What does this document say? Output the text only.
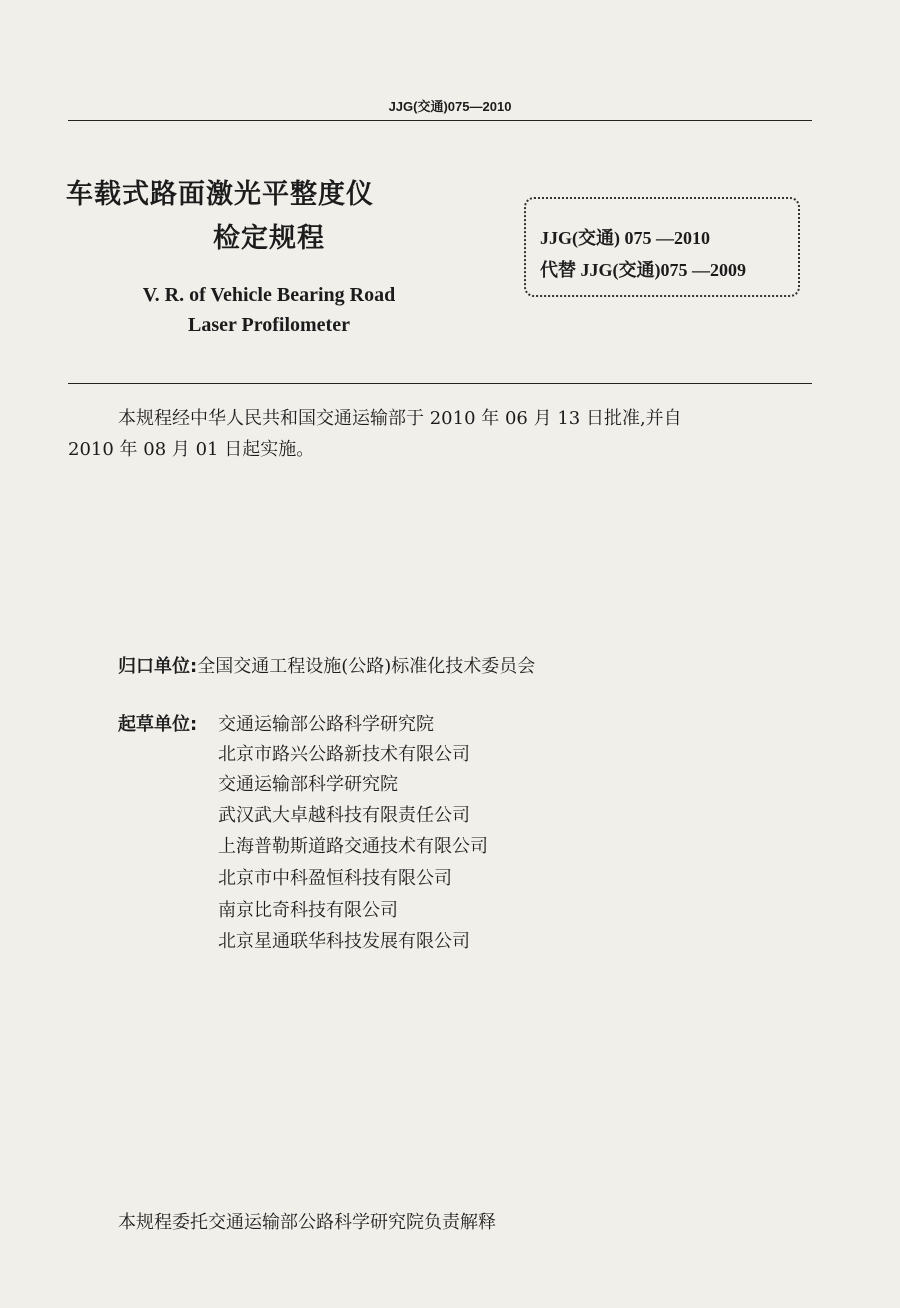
JJG(交通)075—2010
车载式路面激光平整度仪
检定规程	JJG(交通) 075 —2010
代替 JJG(交通)075 —2009
V. R. of Vehicle Bearing Road
Laser Profilometer
本规程经中华人民共和国交通运输部于 2010 年 06 月 13 日批准,并自
2010 年 08 月 01 日起实施。
归口单位:全国交通工程设施(公路)标准化技术委员会
起草单位: 交通运输部公路科学研究院
北京市路兴公路新技术有限公司
交通运输部科学研究院
武汉武大卓越科技有限责任公司
上海普勒斯道路交通技术有限公司
北京市中科盈恒科技有限公司
南京比奇科技有限公司
北京星通联华科技发展有限公司
本规程委托交通运输部公路科学研究院负责解释
